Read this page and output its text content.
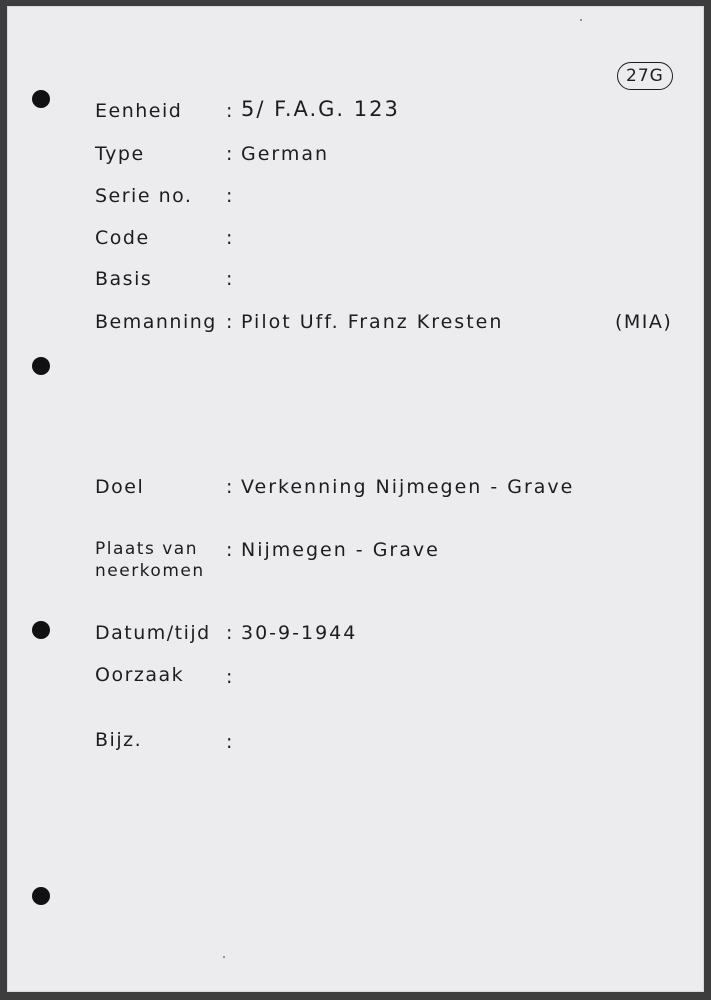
27G
Eenheid : 5/ F.A.G. 123
Type	: German
Serie no. :
Code	:
Basis	:
Bemanning : Pilot Uff. Franz Kresten	(MIA)
Doel	: Verkenning Nijmegen - Grave
Plaats van neerkomen
: Nijmegen - Grave
Datum/tijd : 30-9-1944
Oorzaak :
Bijz.	:
